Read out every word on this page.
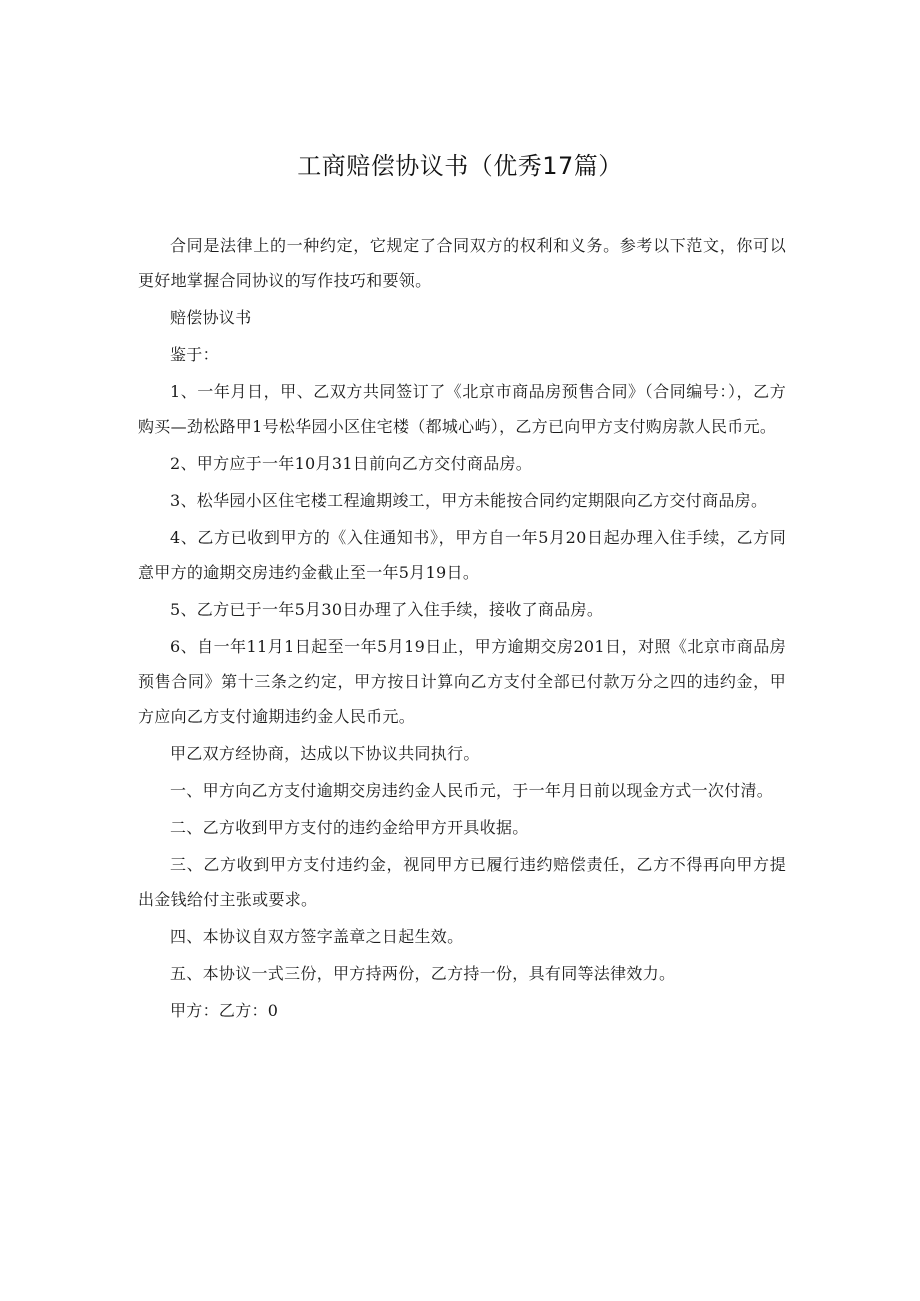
工商赔偿协议书（优秀17篇）

合同是法律上的一种约定，它规定了合同双方的权利和义务。参考以下范文，你可以更好地掌握合同协议的写作技巧和要领。

赔偿协议书

鉴于：

1、一年月日，甲、乙双方共同签订了《北京市商品房预售合同》（合同编号：），乙方购买—劲松路甲1号松华园小区住宅楼（都城心屿），乙方已向甲方支付购房款人民币元。

2、甲方应于一年10月31日前向乙方交付商品房。

3、松华园小区住宅楼工程逾期竣工，甲方未能按合同约定期限向乙方交付商品房。

4、乙方已收到甲方的《入住通知书》，甲方自一年5月20日起办理入住手续，乙方同意甲方的逾期交房违约金截止至一年5月19日。

5、乙方已于一年5月30日办理了入住手续，接收了商品房。

6、自一年11月1日起至一年5月19日止，甲方逾期交房201日，对照《北京市商品房预售合同》第十三条之约定，甲方按日计算向乙方支付全部已付款万分之四的违约金，甲方应向乙方支付逾期违约金人民币元。

甲乙双方经协商，达成以下协议共同执行。

一、甲方向乙方支付逾期交房违约金人民币元，于一年月日前以现金方式一次付清。

二、乙方收到甲方支付的违约金给甲方开具收据。

三、乙方收到甲方支付违约金，视同甲方已履行违约赔偿责任，乙方不得再向甲方提出金钱给付主张或要求。

四、本协议自双方签字盖章之日起生效。

五、本协议一式三份，甲方持两份，乙方持一份，具有同等法律效力。

甲方：乙方：0
